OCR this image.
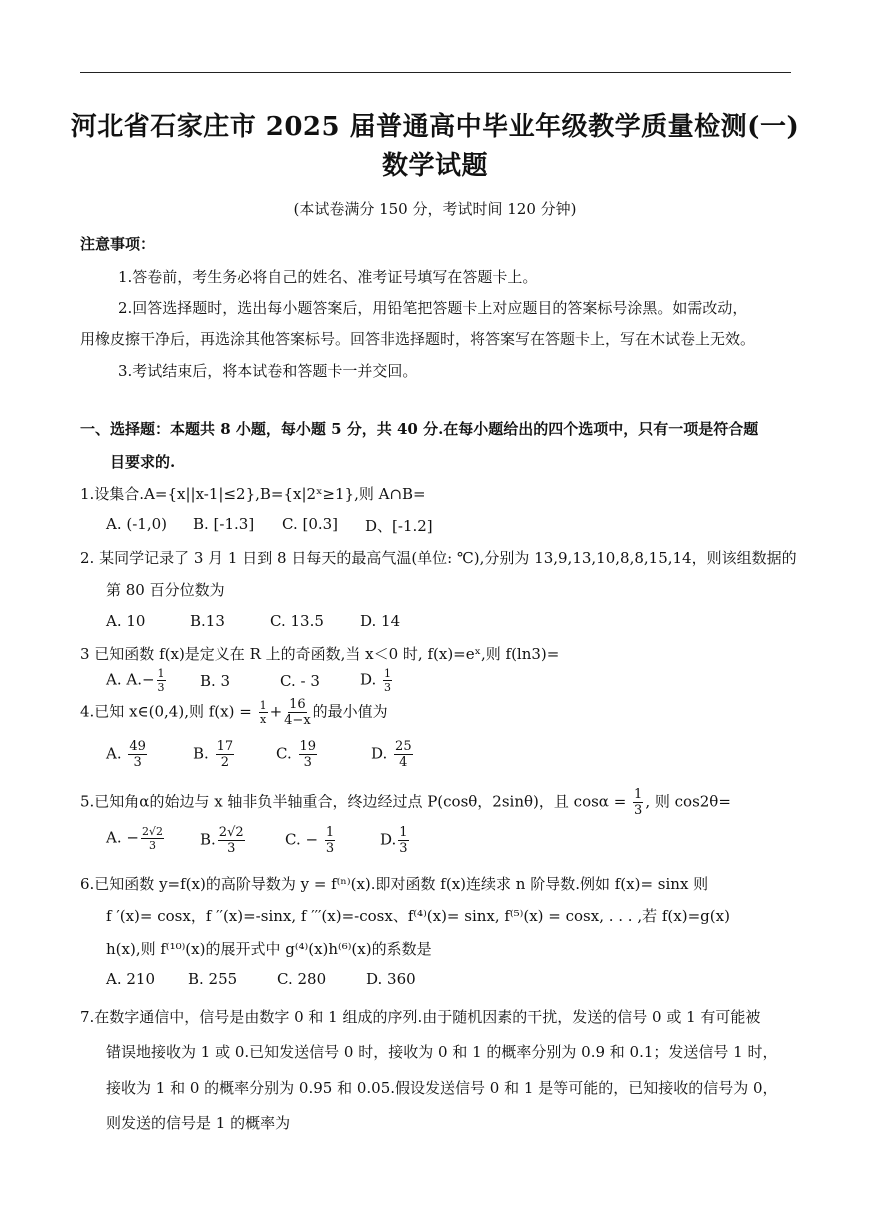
河北省石家庄市 2025 届普通高中毕业年级教学质量检测(一)
数学试题
(本试卷满分 150 分，考试时间 120 分钟)
注意事项：
1.答卷前，考生务必将自己的姓名、准考证号填写在答题卡上。
2.回答选择题时，选出每小题答案后，用铅笔把答题卡上对应题目的答案标号涂黑。如需改动，
用橡皮擦干净后，再选涂其他答案标号。回答非选择题时，将答案写在答题卡上，写在木试卷上无效。
3.考试结束后，将本试卷和答题卡一并交回。
一、选择题：本题共 8 小题，每小题 5 分，共 40 分.在每小题给出的四个选项中，只有一项是符合题
目要求的.
1.设集合.A={x||x-1|≤2},B={x|2ˣ≥1},则 A∩B=
A. (-1,0) B. [-1.3] C. [0.3] D、[-1.2]
2. 某同学记录了 3 月 1 日到 8 日每天的最高气温(单位: ℃),分别为 13,9,13,10,8,8,15,14，则该组数据的
第 80 百分位数为
A. 10	B.13	C. 13.5 D. 14
3 已知函数 f(x)是定义在 R 上的奇函数,当 x＜0 时, f(x)=eˣ,则 f(ln3)=
A. $A.- \frac{1}{3} B$. 3	C. - 3	D. $\frac{1}{3}$
4.已知 x∈(0,4),则 $f(x) = \frac{1}{x} + \frac{16}{4-x}$ 的最小值为
A. $\frac{49}{3}$	B. $\frac{17}{2}$	C. $\frac{19}{3}$	D. $\frac{25}{4}$
5.已知角α的始边与 x 轴非负半轴重合，终边经过点 P(cosθ，2sinθ)，且 $\cos\alpha = \frac{1}{3}$ , 则 cos2θ=
A. − $\frac{2√2}{3} B$. $\frac{2√2}{3}$	C. − $\frac{1}{3}$	D. $\frac{1}{3}$
6.已知函数 y=f(x)的高阶导数为 y = f⁽ⁿ⁾(x).即对函数 f(x)连续求 n 阶导数.例如 f(x)= sinx 则
f ′(x)= cosx，f ′′(x)=-sinx, f ′′′(x)=-cosx、f⁽⁴⁾(x)= sinx, f⁽⁵⁾(x) = cosx, . . . ,若 f(x)=g(x)
h(x),则 f⁽¹⁰⁾(x)的展开式中 g⁽⁴⁾(x)h⁽⁶⁾(x)的系数是
A. 210 B. 255	C. 280	D. 360
7.在数字通信中，信号是由数字 0 和 1 组成的序列.由于随机因素的干扰，发送的信号 0 或 1 有可能被
错误地接收为 1 或 0.已知发送信号 0 时，接收为 0 和 1 的概率分别为 0.9 和 0.1；发送信号 1 时，
接收为 1 和 0 的概率分别为 0.95 和 0.05.假设发送信号 0 和 1 是等可能的，已知接收的信号为 0，
则发送的信号是 1 的概率为
